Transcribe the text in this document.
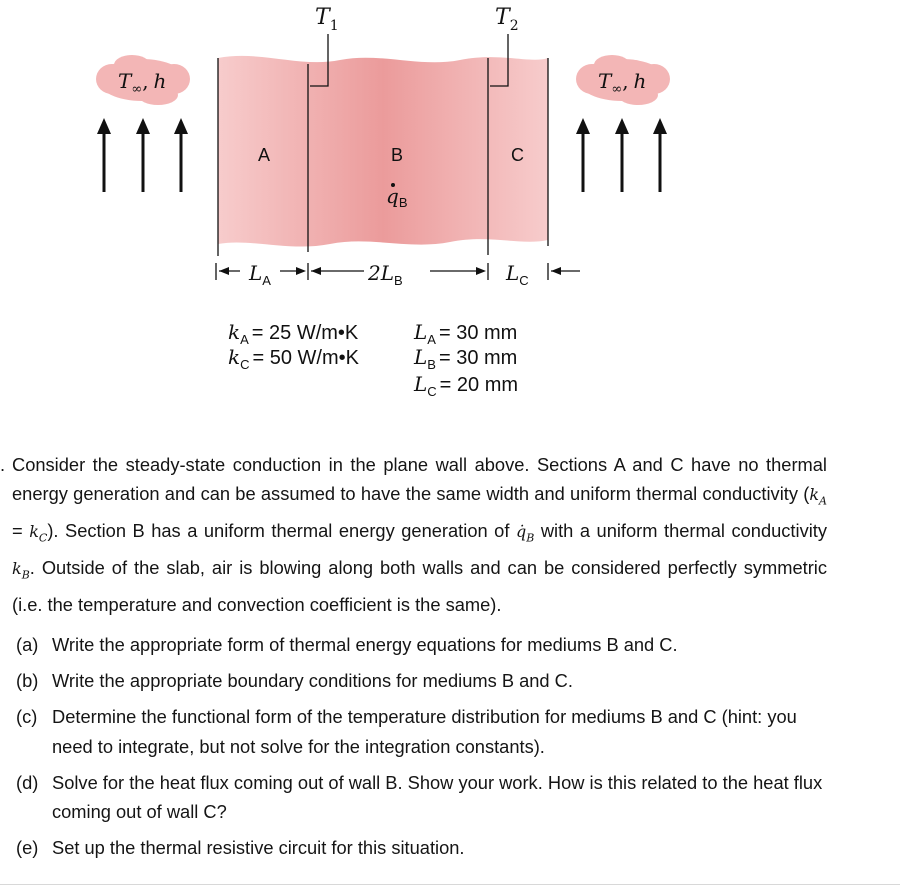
$T_1$	$T_2$
$T_\infty$, h	$T_\infty$, h
A	B	C
$q_B$
$L_A$	$2L_B$	$L_C$
$k_A = 25$ W/m•K
$k_C = 50$ W/m•K
$L_A = 30$ mm
$L_B = 30$ mm
$L_C = 20$ mm
. Consider the steady-state conduction in the plane wall above. Sections A and C have no thermal energy generation and can be assumed to have the same width and uniform thermal conductivity $(k_A = k_C)$. Section B has a uniform thermal energy generation of $q̇_B$ with a uniform thermal conductivity $k_B$. Outside of the slab, air is blowing along both walls and can be considered perfectly symmetric (i.e. the temperature and convection coefficient is the same).

(a) Write the appropriate form of thermal energy equations for mediums B and C.
(b) Write the appropriate boundary conditions for mediums B and C.
(c) Determine the functional form of the temperature distribution for mediums B and C (hint: you need to integrate, but not solve for the integration constants).
(d) Solve for the heat flux coming out of wall B. Show your work. How is this related to the heat flux coming out of wall C?
(e) Set up the thermal resistive circuit for this situation.
